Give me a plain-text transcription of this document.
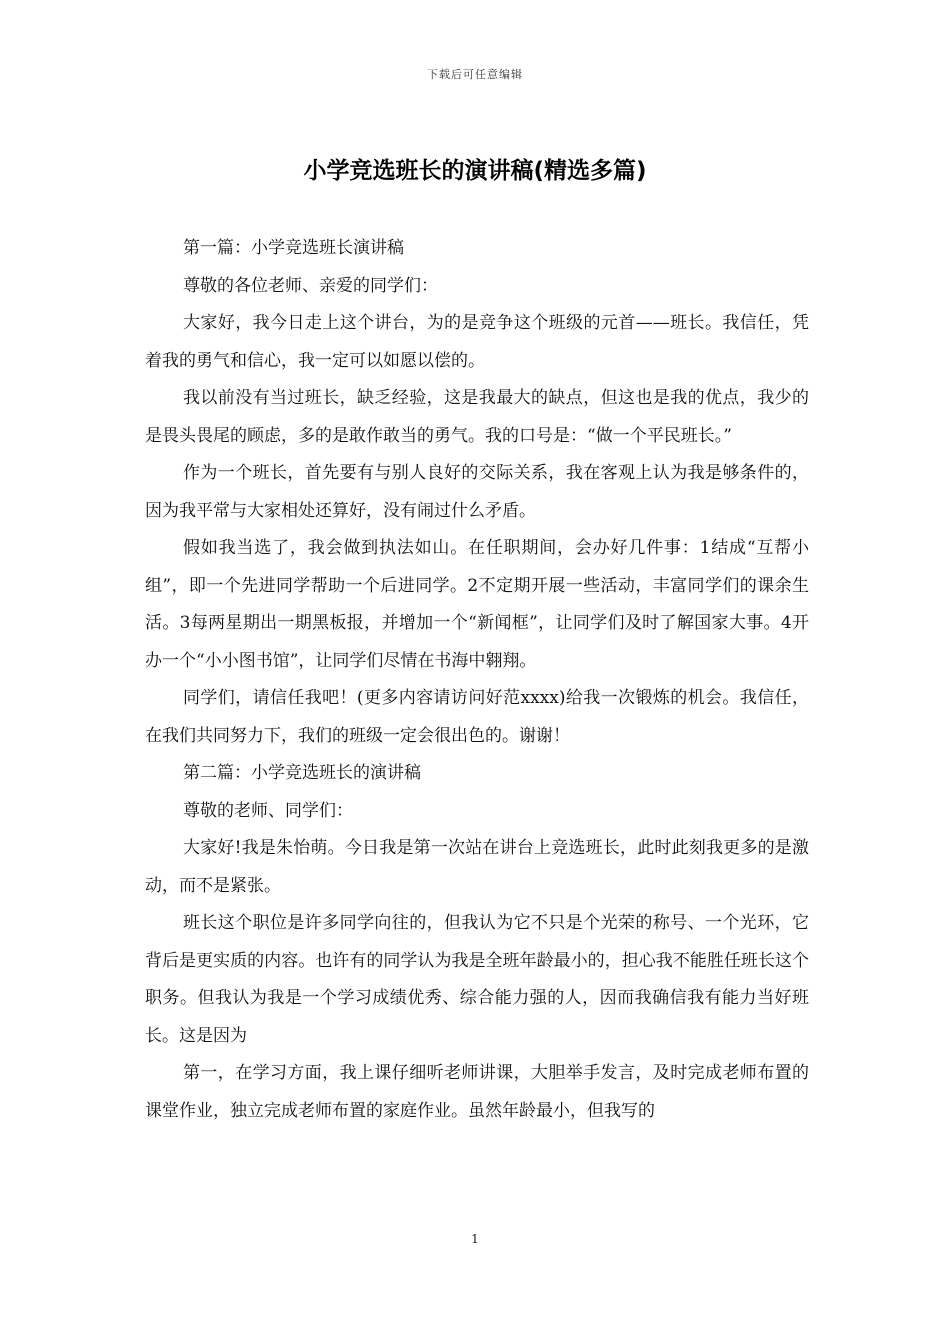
下载后可任意编辑
小学竞选班长的演讲稿(精选多篇)

第一篇：小学竞选班长演讲稿

尊敬的各位老师、亲爱的同学们：

大家好，我今日走上这个讲台，为的是竞争这个班级的元首——班长。我信任，凭着我的勇气和信心，我一定可以如愿以偿的。

我以前没有当过班长，缺乏经验，这是我最大的缺点，但这也是我的优点，我少的是畏头畏尾的顾虑，多的是敢作敢当的勇气。我的口号是：“做一个平民班长。”

作为一个班长，首先要有与别人良好的交际关系，我在客观上认为我是够条件的，因为我平常与大家相处还算好，没有闹过什么矛盾。

假如我当选了，我会做到执法如山。在任职期间，会办好几件事：1结成“互帮小组”，即一个先进同学帮助一个后进同学。2不定期开展一些活动，丰富同学们的课余生活。3每两星期出一期黑板报，并增加一个“新闻框”，让同学们及时了解国家大事。4开办一个“小小图书馆”，让同学们尽情在书海中翱翔。

同学们，请信任我吧！(更多内容请访问好范xxxx)给我一次锻炼的机会。我信任，在我们共同努力下，我们的班级一定会很出色的。谢谢！

第二篇：小学竞选班长的演讲稿

尊敬的老师、同学们：

大家好!我是朱怡萌。今日我是第一次站在讲台上竞选班长，此时此刻我更多的是激动，而不是紧张。

班长这个职位是许多同学向往的，但我认为它不只是个光荣的称号、一个光环，它背后是更实质的内容。也许有的同学认为我是全班年龄最小的，担心我不能胜任班长这个职务。但我认为我是一个学习成绩优秀、综合能力强的人，因而我确信我有能力当好班长。这是因为

第一，在学习方面，我上课仔细听老师讲课，大胆举手发言，及时完成老师布置的课堂作业，独立完成老师布置的家庭作业。虽然年龄最小，但我写的

1
